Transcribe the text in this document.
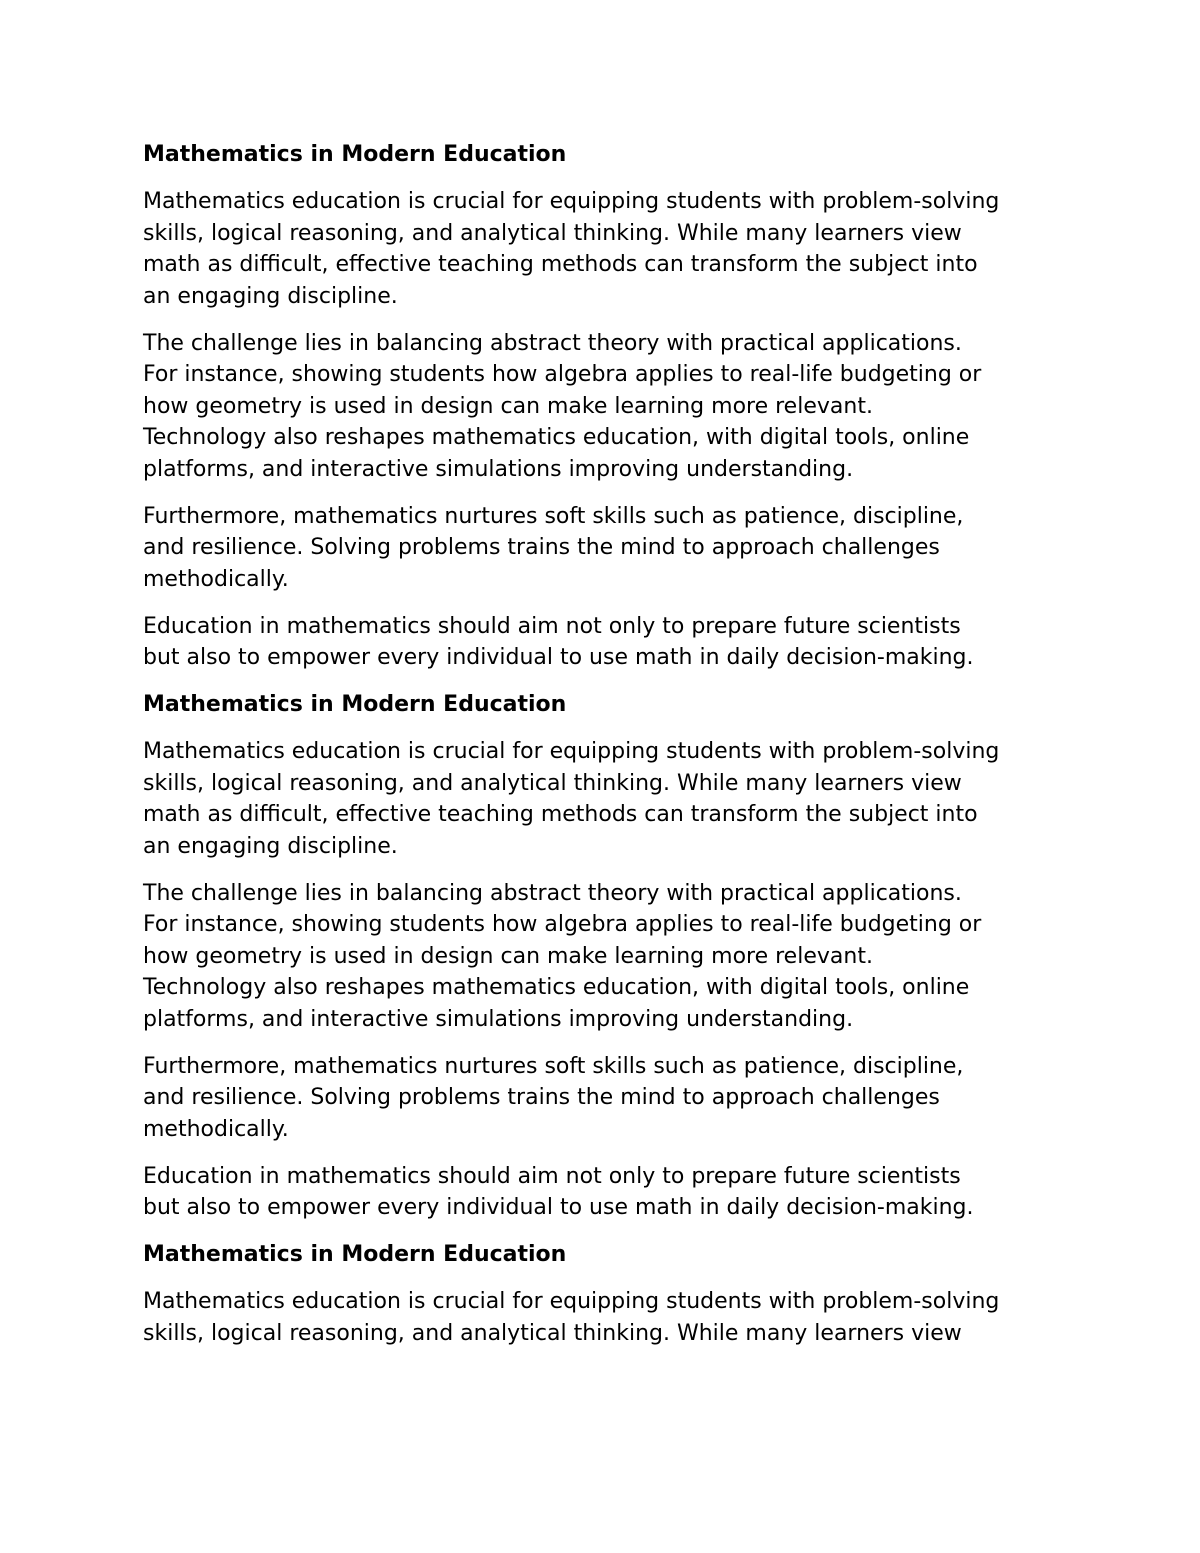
Mathematics in Modern Education
Mathematics education is crucial for equipping students with problem-solving
skills, logical reasoning, and analytical thinking. While many learners view
math as difficult, effective teaching methods can transform the subject into
an engaging discipline.
The challenge lies in balancing abstract theory with practical applications.
For instance, showing students how algebra applies to real-life budgeting or
how geometry is used in design can make learning more relevant.
Technology also reshapes mathematics education, with digital tools, online
platforms, and interactive simulations improving understanding.
Furthermore, mathematics nurtures soft skills such as patience, discipline,
and resilience. Solving problems trains the mind to approach challenges
methodically.
Education in mathematics should aim not only to prepare future scientists
but also to empower every individual to use math in daily decision-making.
Mathematics in Modern Education
Mathematics education is crucial for equipping students with problem-solving
skills, logical reasoning, and analytical thinking. While many learners view
math as difficult, effective teaching methods can transform the subject into
an engaging discipline.
The challenge lies in balancing abstract theory with practical applications.
For instance, showing students how algebra applies to real-life budgeting or
how geometry is used in design can make learning more relevant.
Technology also reshapes mathematics education, with digital tools, online
platforms, and interactive simulations improving understanding.
Furthermore, mathematics nurtures soft skills such as patience, discipline,
and resilience. Solving problems trains the mind to approach challenges
methodically.
Education in mathematics should aim not only to prepare future scientists
but also to empower every individual to use math in daily decision-making.
Mathematics in Modern Education
Mathematics education is crucial for equipping students with problem-solving
skills, logical reasoning, and analytical thinking. While many learners view
